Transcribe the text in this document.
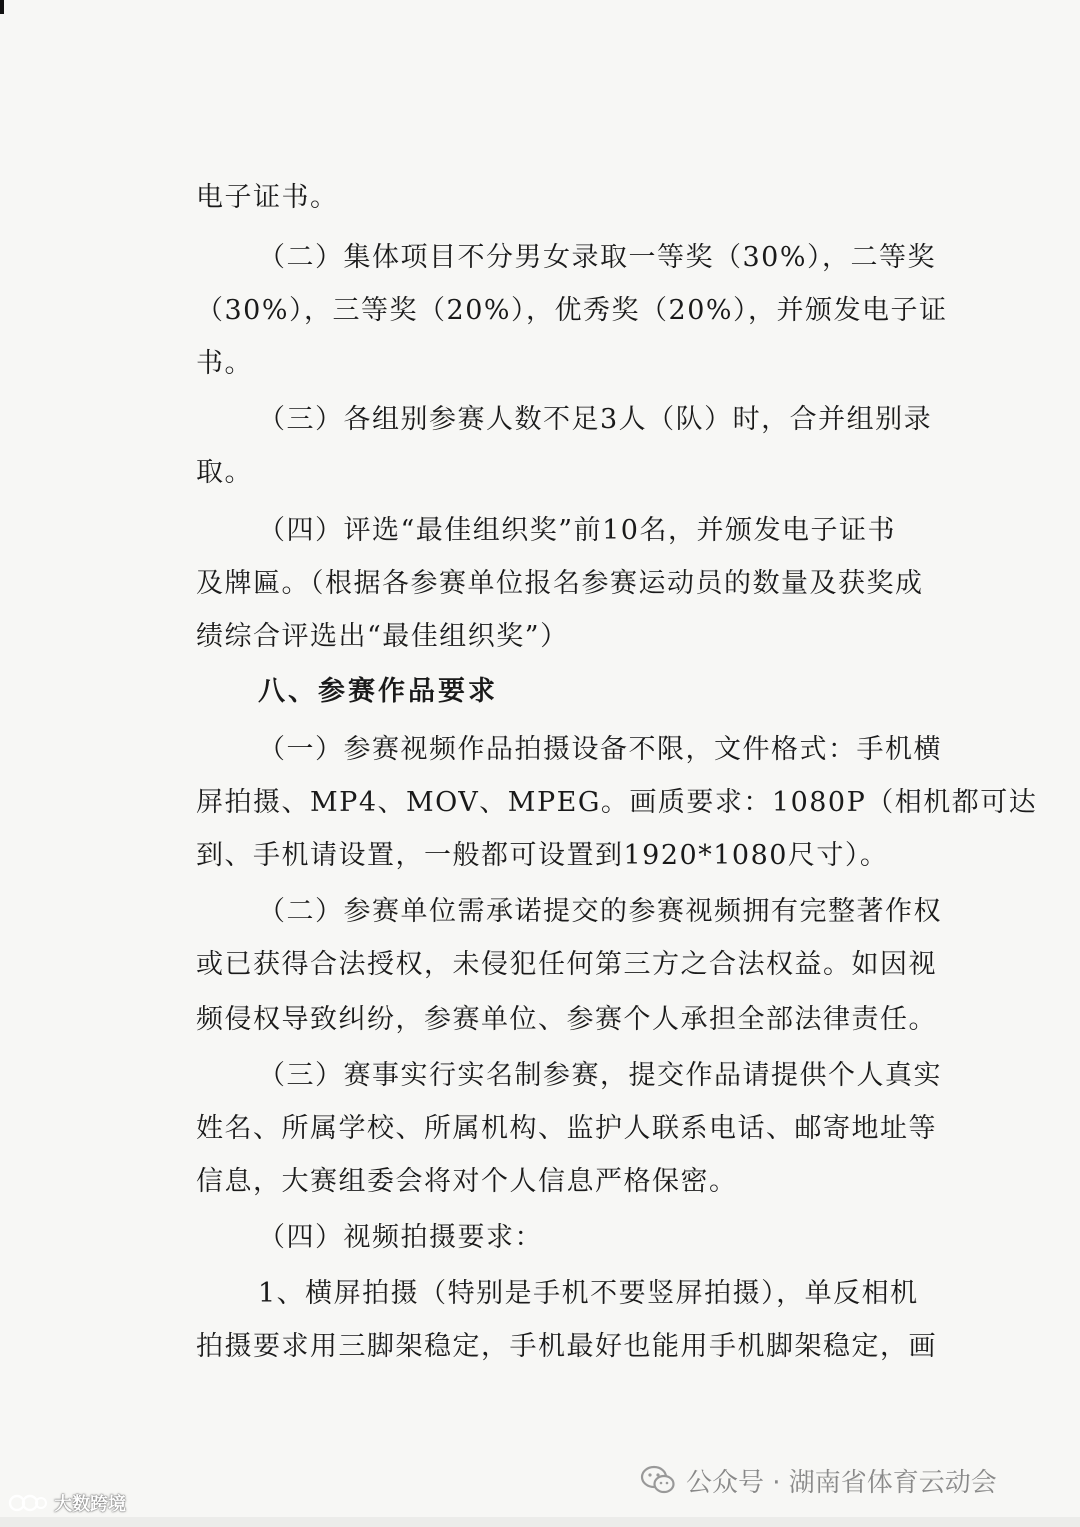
电子证书。
（二）集体项目不分男女录取一等奖（30%），二等奖
（30%），三等奖（20%），优秀奖（20%），并颁发电子证
书。
（三）各组别参赛人数不足3人（队）时，合并组别录
取。
（四）评选“最佳组织奖”前10名，并颁发电子证书
及牌匾。（根据各参赛单位报名参赛运动员的数量及获奖成
绩综合评选出“最佳组织奖”）
八、参赛作品要求
（一）参赛视频作品拍摄设备不限，文件格式：手机横
屏拍摄、MP4、MOV、MPEG。画质要求：1080P（相机都可达
到、手机请设置，一般都可设置到1920*1080尺寸）。
（二）参赛单位需承诺提交的参赛视频拥有完整著作权
或已获得合法授权，未侵犯任何第三方之合法权益。如因视
频侵权导致纠纷，参赛单位、参赛个人承担全部法律责任。
（三）赛事实行实名制参赛，提交作品请提供个人真实
姓名、所属学校、所属机构、监护人联系电话、邮寄地址等
信息，大赛组委会将对个人信息严格保密。
（四）视频拍摄要求：
1、横屏拍摄（特别是手机不要竖屏拍摄），单反相机
拍摄要求用三脚架稳定，手机最好也能用手机脚架稳定，画
公众号 · 湖南省体育云动会
大数跨境
